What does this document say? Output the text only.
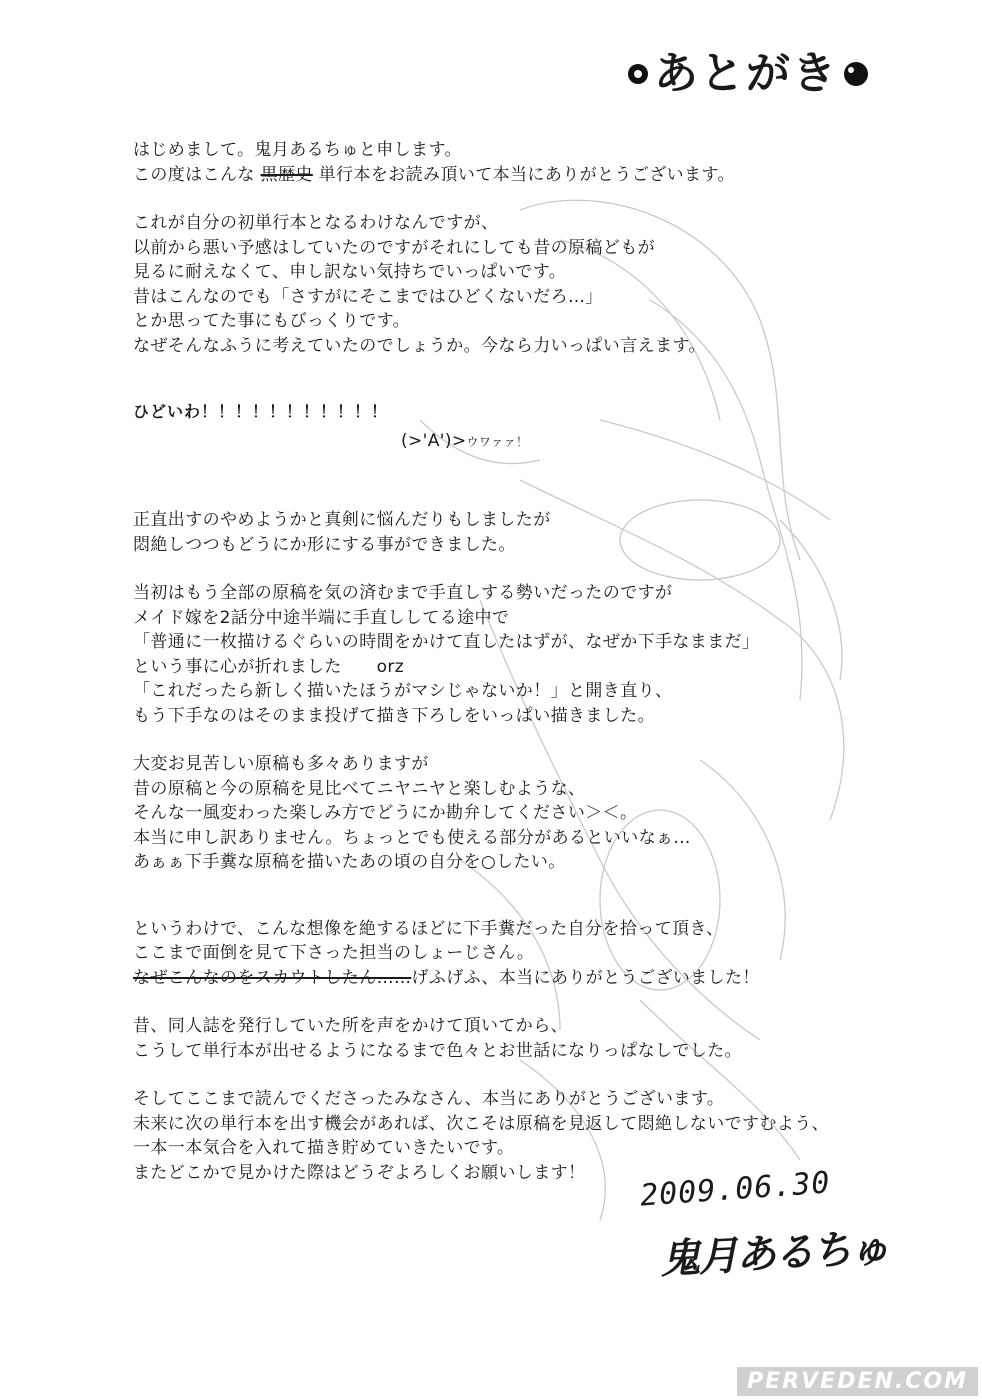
あとがき

はじめまして。鬼月あるちゅと申します。

この度はこんな 黒歴史 単行本をお読み頂いて本当にありがとうございます。

これが自分の初単行本となるわけなんですが、

以前から悪い予感はしていたのですがそれにしても昔の原稿どもが

見るに耐えなくて、申し訳ない気持ちでいっぱいです。

昔はこんなのでも「さすがにそこまではひどくないだろ…」

とか思ってた事にもびっくりです。

なぜそんなふうに考えていたのでしょうか。今なら力いっぱい言えます。

ひどいわ！！！！！！！！！！！

(>'A')>ウワァァ！

正直出すのやめようかと真剣に悩んだりもしましたが

悶絶しつつもどうにか形にする事ができました。

当初はもう全部の原稿を気の済むまで手直しする勢いだったのですが

メイド嫁を2話分中途半端に手直ししてる途中で

「普通に一枚描けるぐらいの時間をかけて直したはずが、なぜか下手なままだ」

という事に心が折れました　　orz

「これだったら新しく描いたほうがマシじゃないか！」と開き直り、

もう下手なのはそのまま投げて描き下ろしをいっぱい描きました。

大変お見苦しい原稿も多々ありますが

昔の原稿と今の原稿を見比べてニヤニヤと楽しむような、

そんな一風変わった楽しみ方でどうにか勘弁してください＞＜。

本当に申し訳ありません。ちょっとでも使える部分があるといいなぁ…

あぁぁ下手糞な原稿を描いたあの頃の自分を○したい。

というわけで、こんな想像を絶するほどに下手糞だった自分を拾って頂き、

ここまで面倒を見て下さった担当のしょーじさん。

なぜこんなのをスカウトしたん……げふげふ、本当にありがとうございました！

昔、同人誌を発行していた所を声をかけて頂いてから、

こうして単行本が出せるようになるまで色々とお世話になりっぱなしでした。

そしてここまで読んでくださったみなさん、本当にありがとうございます。

未来に次の単行本を出す機会があれば、次こそは原稿を見返して悶絶しないですむよう、

一本一本気合を入れて描き貯めていきたいです。

またどこかで見かけた際はどうぞよろしくお願いします！	2009.06.30
鬼月あるちゅ
PERVEDEN.COM
